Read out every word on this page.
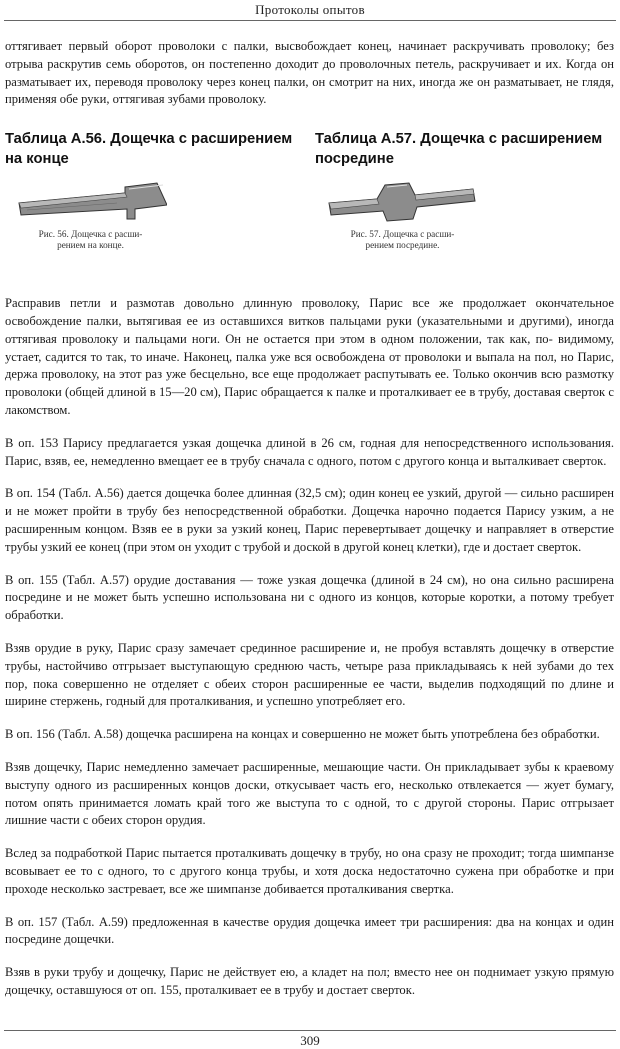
Протоколы опытов

оттягивает первый оборот проволоки с палки, высвобождает конец, начинает раскручивать проволоку; без отрыва раскрутив семь оборотов, он постепенно доходит до проволочных петель, раскручивает и их. Когда он разматывает их, переводя проволоку через конец палки, он смотрит на них, иногда же он разматывает, не глядя, применяя обе руки, оттягивая зубами проволоку.

Таблица А.56. Дощечка с расширением на конце
Рис. 56. Дощечка с расши-
рением на конце.
Таблица А.57. Дощечка с расширением посредине
Рис. 57. Дощечка с расши-
рением посредине.

Расправив петли и размотав довольно длинную проволоку, Парис все же продолжает окончательное освобождение палки, вытягивая ее из оставшихся витков пальцами руки (указательными и другими), иногда оттягивая проволоку и пальцами ноги. Он не остается при этом в одном положении, так как, по- видимому, устает, садится то так, то иначе. Наконец, палка уже вся освобождена от проволоки и выпала на пол, но Парис, держа проволоку, на этот раз уже бесцельно, все еще продолжает распутывать ее. Только окончив всю размотку проволоки (общей длиной в 15—20 см), Парис обращается к палке и проталкивает ее в трубу, доставая сверток с лакомством.

В оп. 153 Парису предлагается узкая дощечка длиной в 26 см, годная для непосредственного использования. Парис, взяв, ее, немедленно вмещает ее в трубу сначала с одного, потом с другого конца и выталкивает сверток.

В оп. 154 (Табл. А.56) дается дощечка более длинная (32,5 см); один конец ее узкий, другой — сильно расширен и не может пройти в трубу без непосредственной обработки. Дощечка нарочно подается Парису узким, а не расширенным концом. Взяв ее в руки за узкий конец, Парис перевертывает дощечку и направляет в отверстие трубы узкий ее конец (при этом он уходит с трубой и доской в другой конец клетки), где и достает сверток.

В оп. 155 (Табл. А.57) орудие доставания — тоже узкая дощечка (длиной в 24 см), но она сильно расширена посредине и не может быть успешно использована ни с одного из концов, которые коротки, а потому требует обработки.

Взяв орудие в руку, Парис сразу замечает срединное расширение и, не пробуя вставлять дощечку в отверстие трубы, настойчиво отгрызает выступающую среднюю часть, четыре раза прикладываясь к ней зубами до тех пор, пока совершенно не отделяет с обеих сторон расширенные ее части, выделив подходящий по длине и ширине стержень, годный для проталкивания, и успешно употребляет его.

В оп. 156 (Табл. А.58) дощечка расширена на концах и совершенно не может быть употреблена без обработки.

Взяв дощечку, Парис немедленно замечает расширенные, мешающие части. Он прикладывает зубы к краевому выступу одного из расширенных концов доски, откусывает часть его, несколько отвлекается — жует бумагу, потом опять принимается ломать край того же выступа то с одной, то с другой стороны. Парис отгрызает лишние части с обеих сторон орудия.

Вслед за подработкой Парис пытается проталкивать дощечку в трубу, но она сразу не проходит; тогда шимпанзе всовывает ее то с одного, то с другого конца трубы, и хотя доска недостаточно сужена при обработке и при проходе несколько застревает, все же шимпанзе добивается проталкивания свертка.

В оп. 157 (Табл. А.59) предложенная в качестве орудия дощечка имеет три расширения: два на концах и один посредине дощечки.

Взяв в руки трубу и дощечку, Парис не действует ею, а кладет на пол; вместо нее он поднимает узкую прямую дощечку, оставшуюся от оп. 155, проталкивает ее в трубу и достает сверток.

309
